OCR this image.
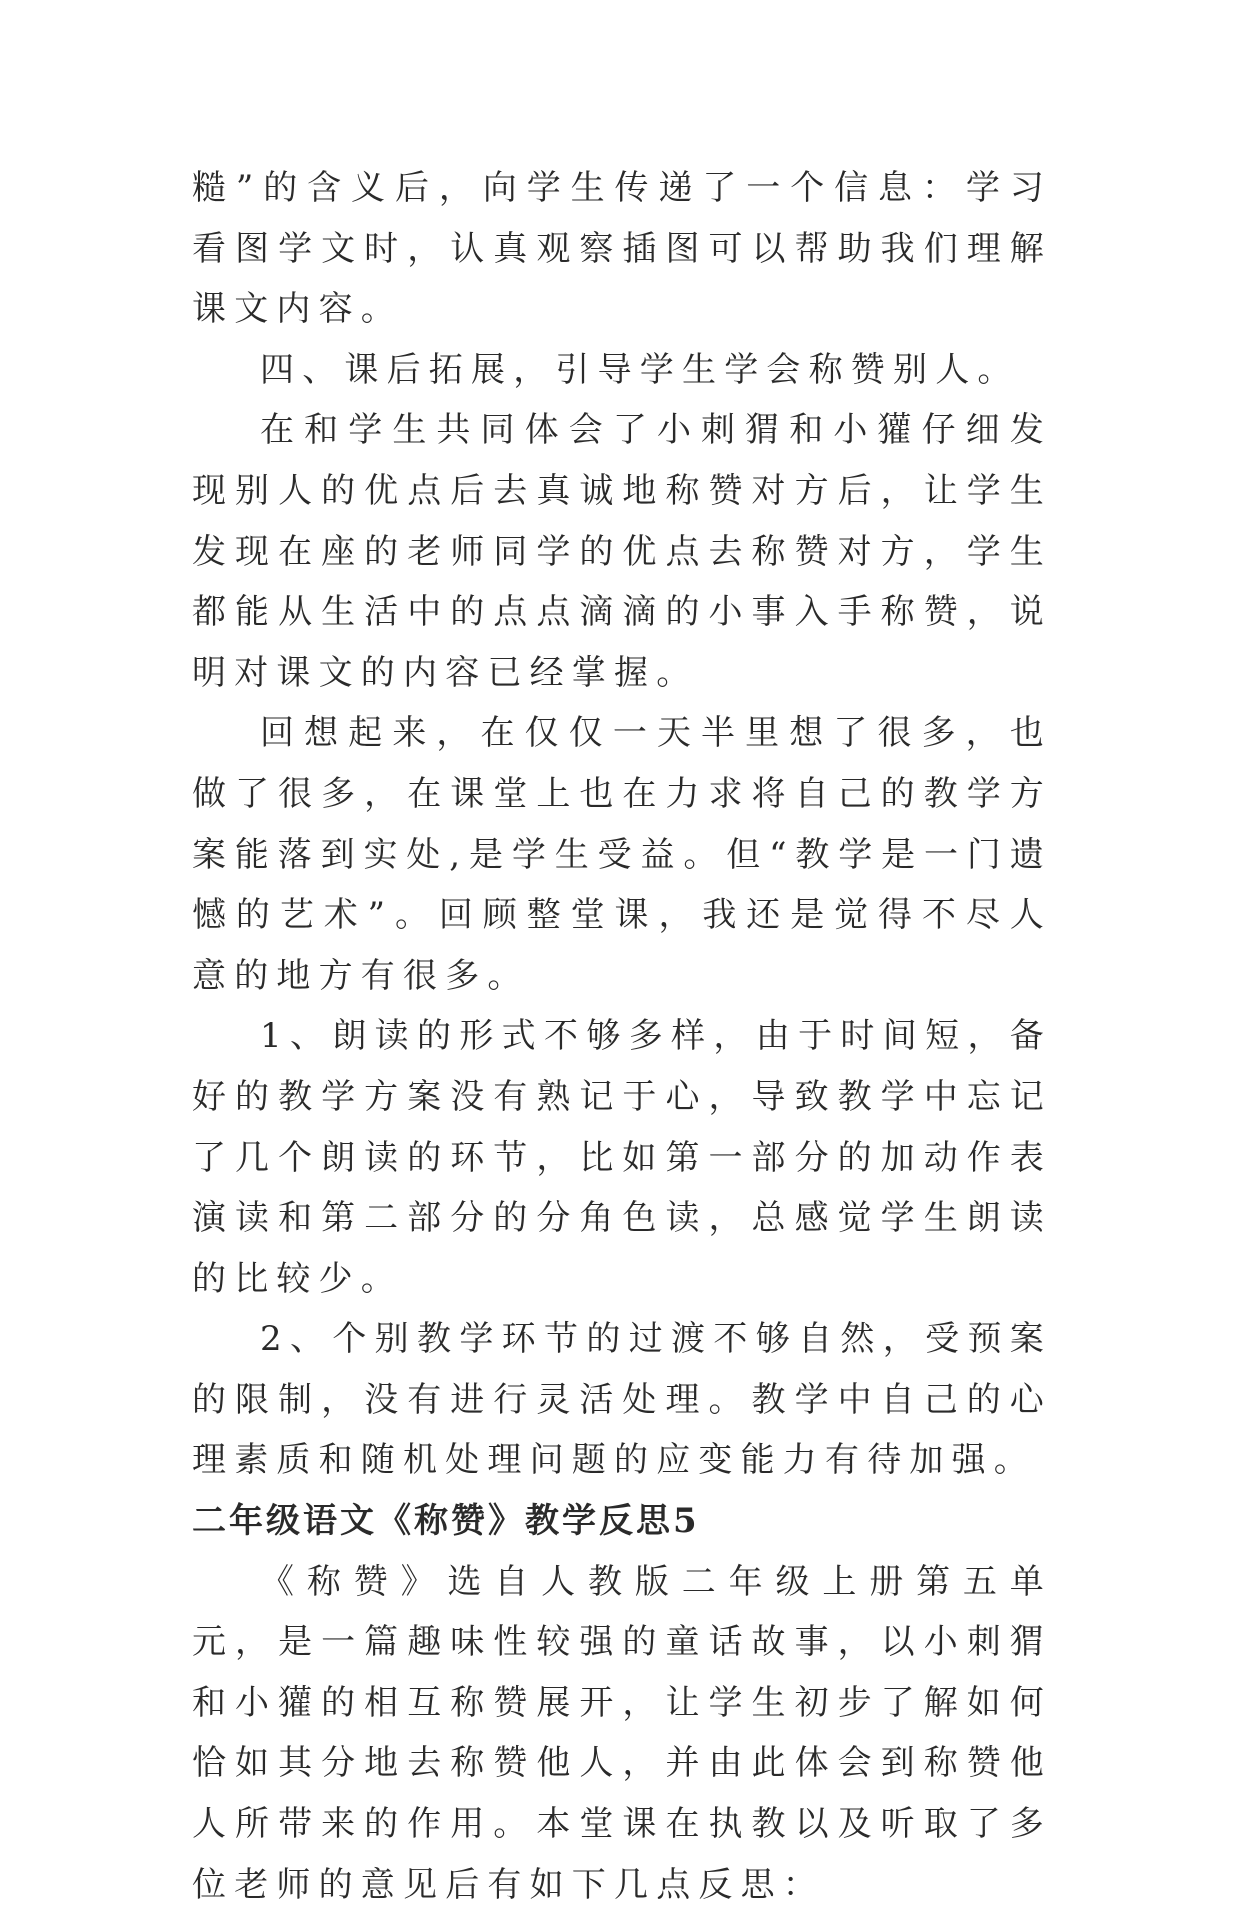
糙”的含义后，向学生传递了一个信息：学习看图学文时，认真观察插图可以帮助我们理解课文内容。

四、课后拓展，引导学生学会称赞别人。

在和学生共同体会了小刺猬和小獾仔细发现别人的优点后去真诚地称赞对方后，让学生发现在座的老师同学的优点去称赞对方，学生都能从生活中的点点滴滴的小事入手称赞，说明对课文的内容已经掌握。

回想起来，在仅仅一天半里想了很多，也做了很多，在课堂上也在力求将自己的教学方案能落到实处,是学生受益。但“教学是一门遗憾的艺术”。回顾整堂课，我还是觉得不尽人意的地方有很多。

1、朗读的形式不够多样，由于时间短，备好的教学方案没有熟记于心，导致教学中忘记了几个朗读的环节，比如第一部分的加动作表演读和第二部分的分角色读，总感觉学生朗读的比较少。

2、个别教学环节的过渡不够自然，受预案的限制，没有进行灵活处理。教学中自己的心理素质和随机处理问题的应变能力有待加强。

二年级语文《称赞》教学反思5

《称赞》选自人教版二年级上册第五单元，是一篇趣味性较强的童话故事，以小刺猬和小獾的相互称赞展开，让学生初步了解如何恰如其分地去称赞他人，并由此体会到称赞他人所带来的作用。本堂课在执教以及听取了多位老师的意见后有如下几点反思：
